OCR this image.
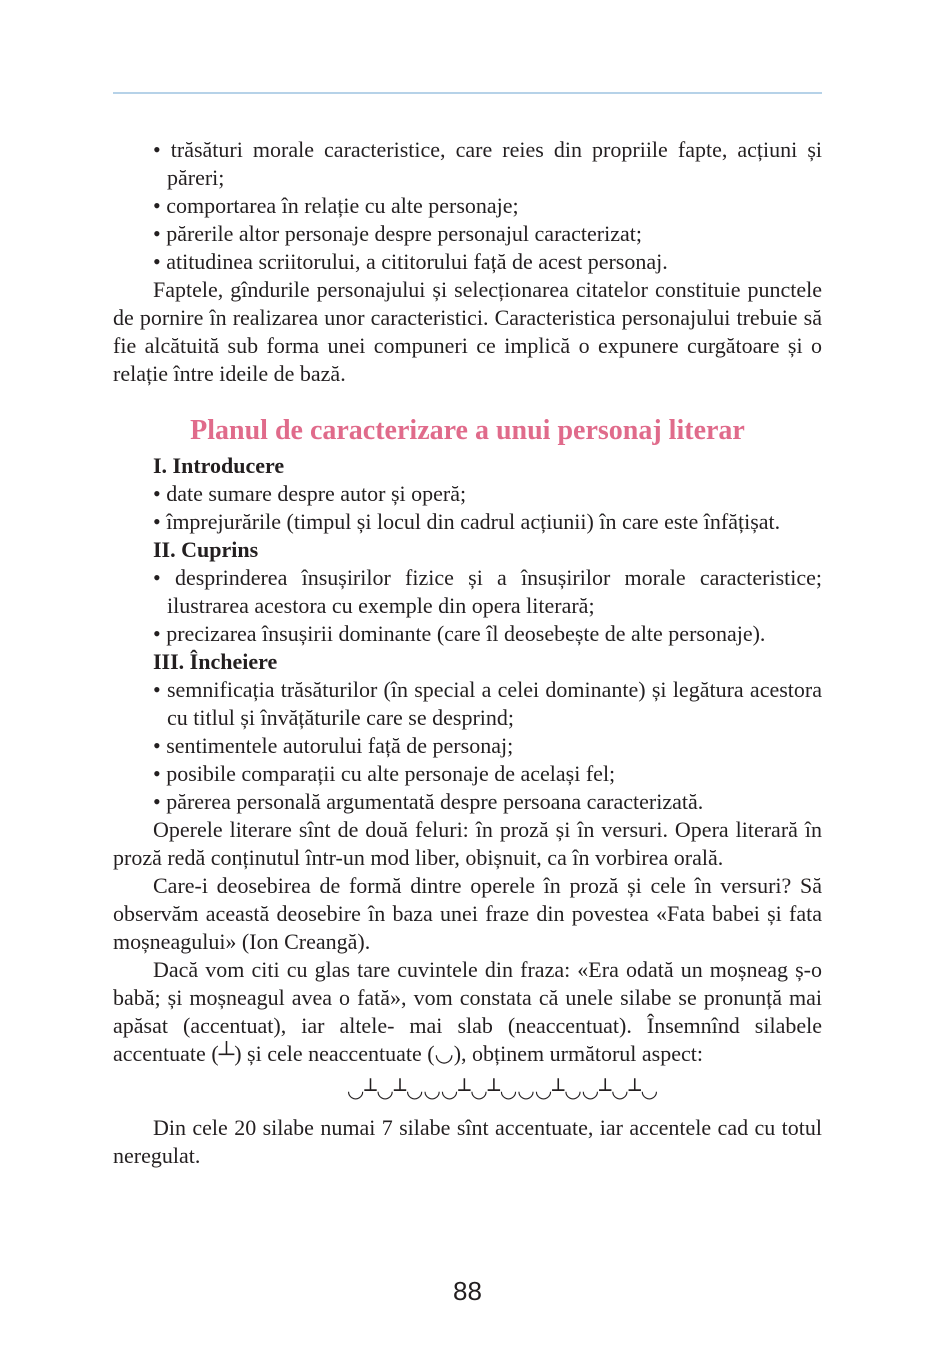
• trăsături morale caracteristice, care reies din propriile fapte, acțiuni și păreri;

• comportarea în relație cu alte personaje;

• părerile altor personaje despre personajul caracterizat;

• atitudinea scriitorului, a cititorului față de acest personaj.

Faptele, gîndurile personajului și selecționarea citatelor constituie punctele de pornire în realizarea unor caracteristici. Caracteristica personajului trebuie să fie alcătuită sub forma unei compuneri ce implică o expunere curgătoare și o relație între ideile de bază.

Planul de caracterizare a unui personaj literar

I. Introducere

• date sumare despre autor și operă;

• împrejurările (timpul și locul din cadrul acțiunii) în care este înfățișat.

II. Cuprins

• desprinderea însușirilor fizice și a însușirilor morale caracteristice; ilustrarea acestora cu exemple din opera literară;

• precizarea însușirii dominante (care îl deosebește de alte personaje).

III. Încheiere

• semnificația trăsăturilor (în special a celei dominante) și legătura acestora cu titlul și învățăturile care se desprind;

• sentimentele autorului față de personaj;

• posibile comparații cu alte personaje de același fel;

• părerea personală argumentată despre persoana caracterizată.

Operele literare sînt de două feluri: în proză și în versuri. Opera literară în proză redă conținutul într-un mod liber, obișnuit, ca în vorbirea orală.

Care-i deosebirea de formă dintre operele în proză și cele în versuri? Să observăm această deosebire în baza unei fraze din povestea «Fata babei și fata moșneagului» (Ion Creangă).

Dacă vom citi cu glas tare cuvintele din fraza: «Era odată un moșneag ș-o babă; și moșneagul avea o fată», vom constata că unele silabe se pronunță mai apăsat (accentuat), iar altele- mai slab (neaccentuat). Însemnînd silabele accentuate (┴) și cele neaccentuate (◡), obținem următorul aspect:

◡┴◡┴◡◡◡┴◡┴◡◡◡┴◡◡┴◡┴◡

Din cele 20 silabe numai 7 silabe sînt accentuate, iar accentele cad cu totul neregulat.

88
